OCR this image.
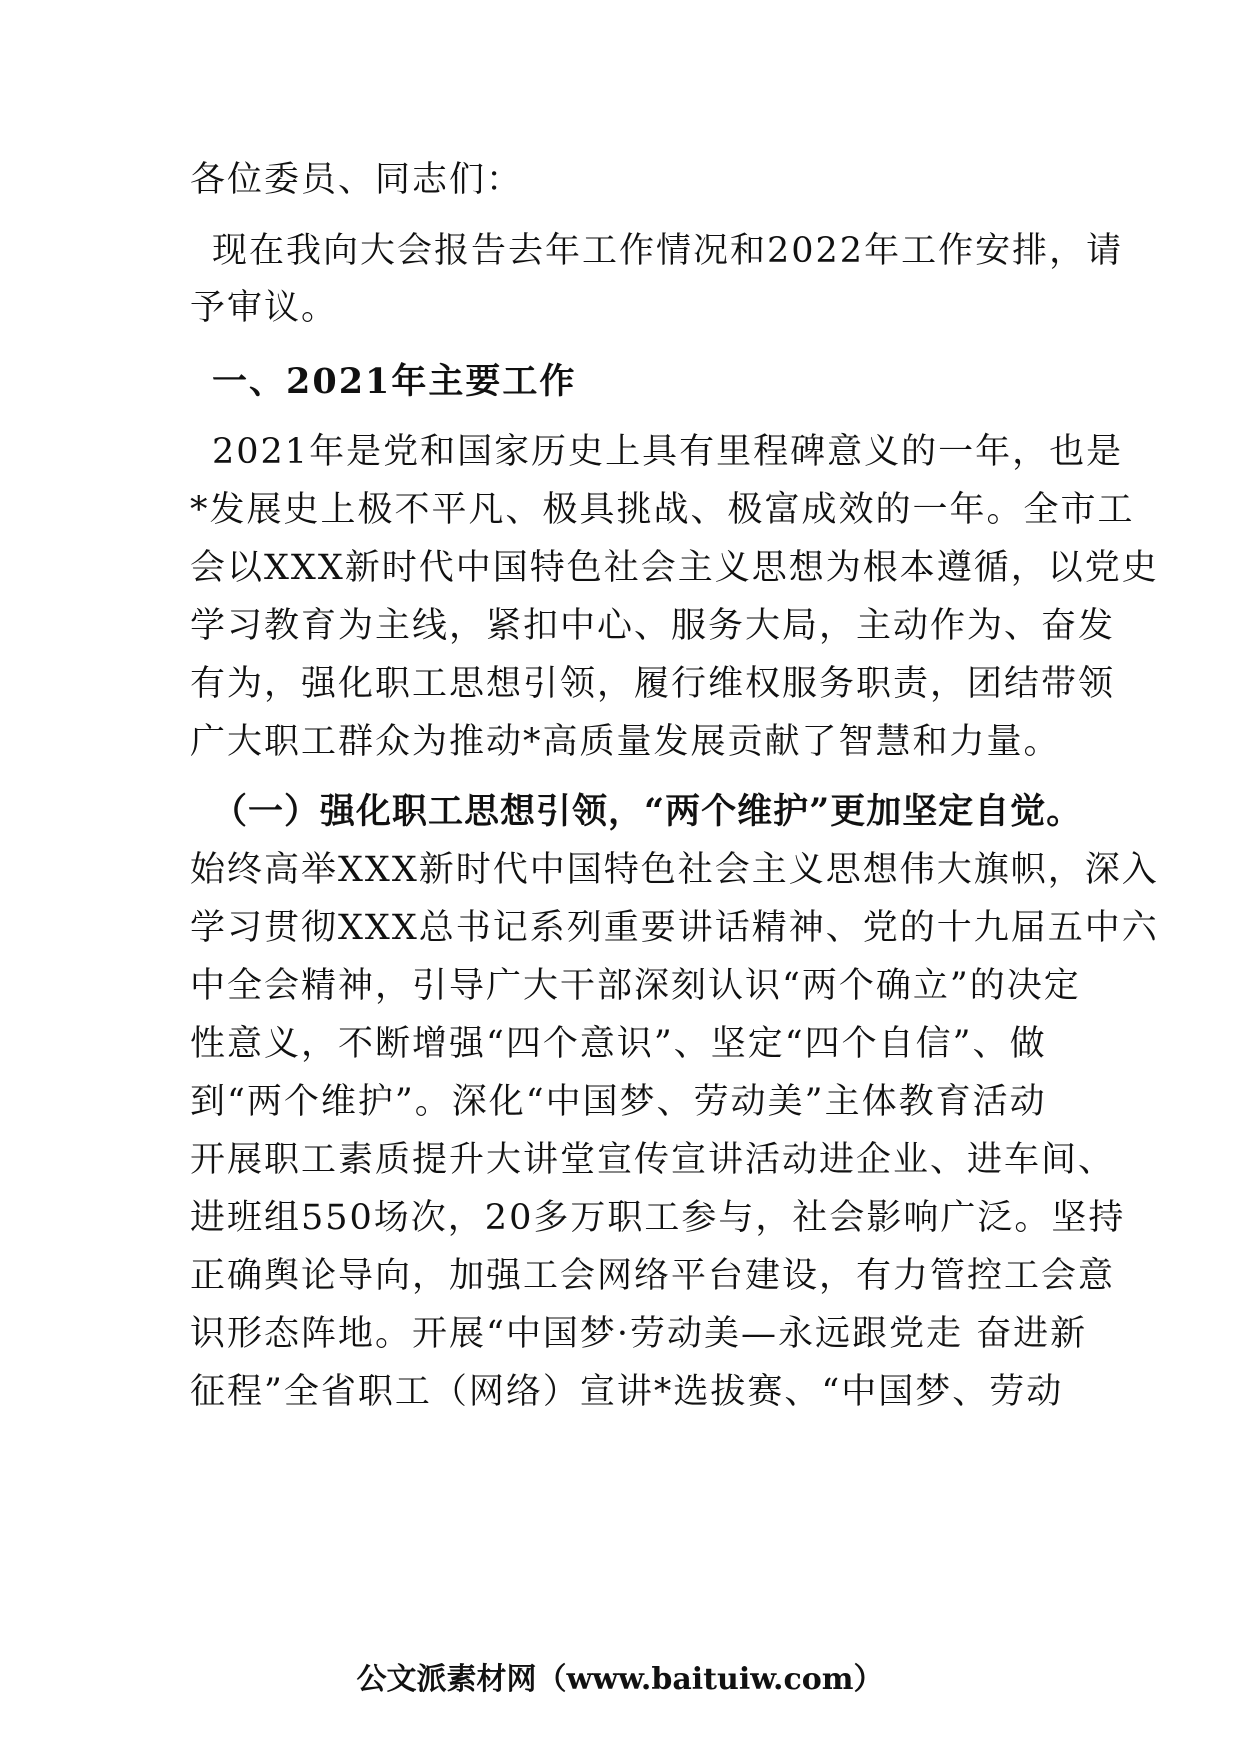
各位委员、同志们：
现在我向大会报告去年工作情况和2022年工作安排，请
予审议。
一、2021年主要工作
2021年是党和国家历史上具有里程碑意义的一年，也是
*发展史上极不平凡、极具挑战、极富成效的一年。全市工
会以XXX新时代中国特色社会主义思想为根本遵循，以党史
学习教育为主线，紧扣中心、服务大局，主动作为、奋发
有为，强化职工思想引领，履行维权服务职责，团结带领
广大职工群众为推动*高质量发展贡献了智慧和力量。
（一）强化职工思想引领，“两个维护”更加坚定自觉。
始终高举XXX新时代中国特色社会主义思想伟大旗帜，深入
学习贯彻XXX总书记系列重要讲话精神、党的十九届五中六
中全会精神，引导广大干部深刻认识“两个确立”的决定
性意义，不断增强“四个意识”、坚定“四个自信”、做
到“两个维护”。深化“中国梦、劳动美”主体教育活动
开展职工素质提升大讲堂宣传宣讲活动进企业、进车间、
进班组550场次，20多万职工参与，社会影响广泛。坚持
正确舆论导向，加强工会网络平台建设，有力管控工会意
识形态阵地。开展“中国梦·劳动美—永远跟党走 奋进新
征程”全省职工（网络）宣讲*选拔赛、“中国梦、劳动
公文派素材网（www.baituiw.com）
